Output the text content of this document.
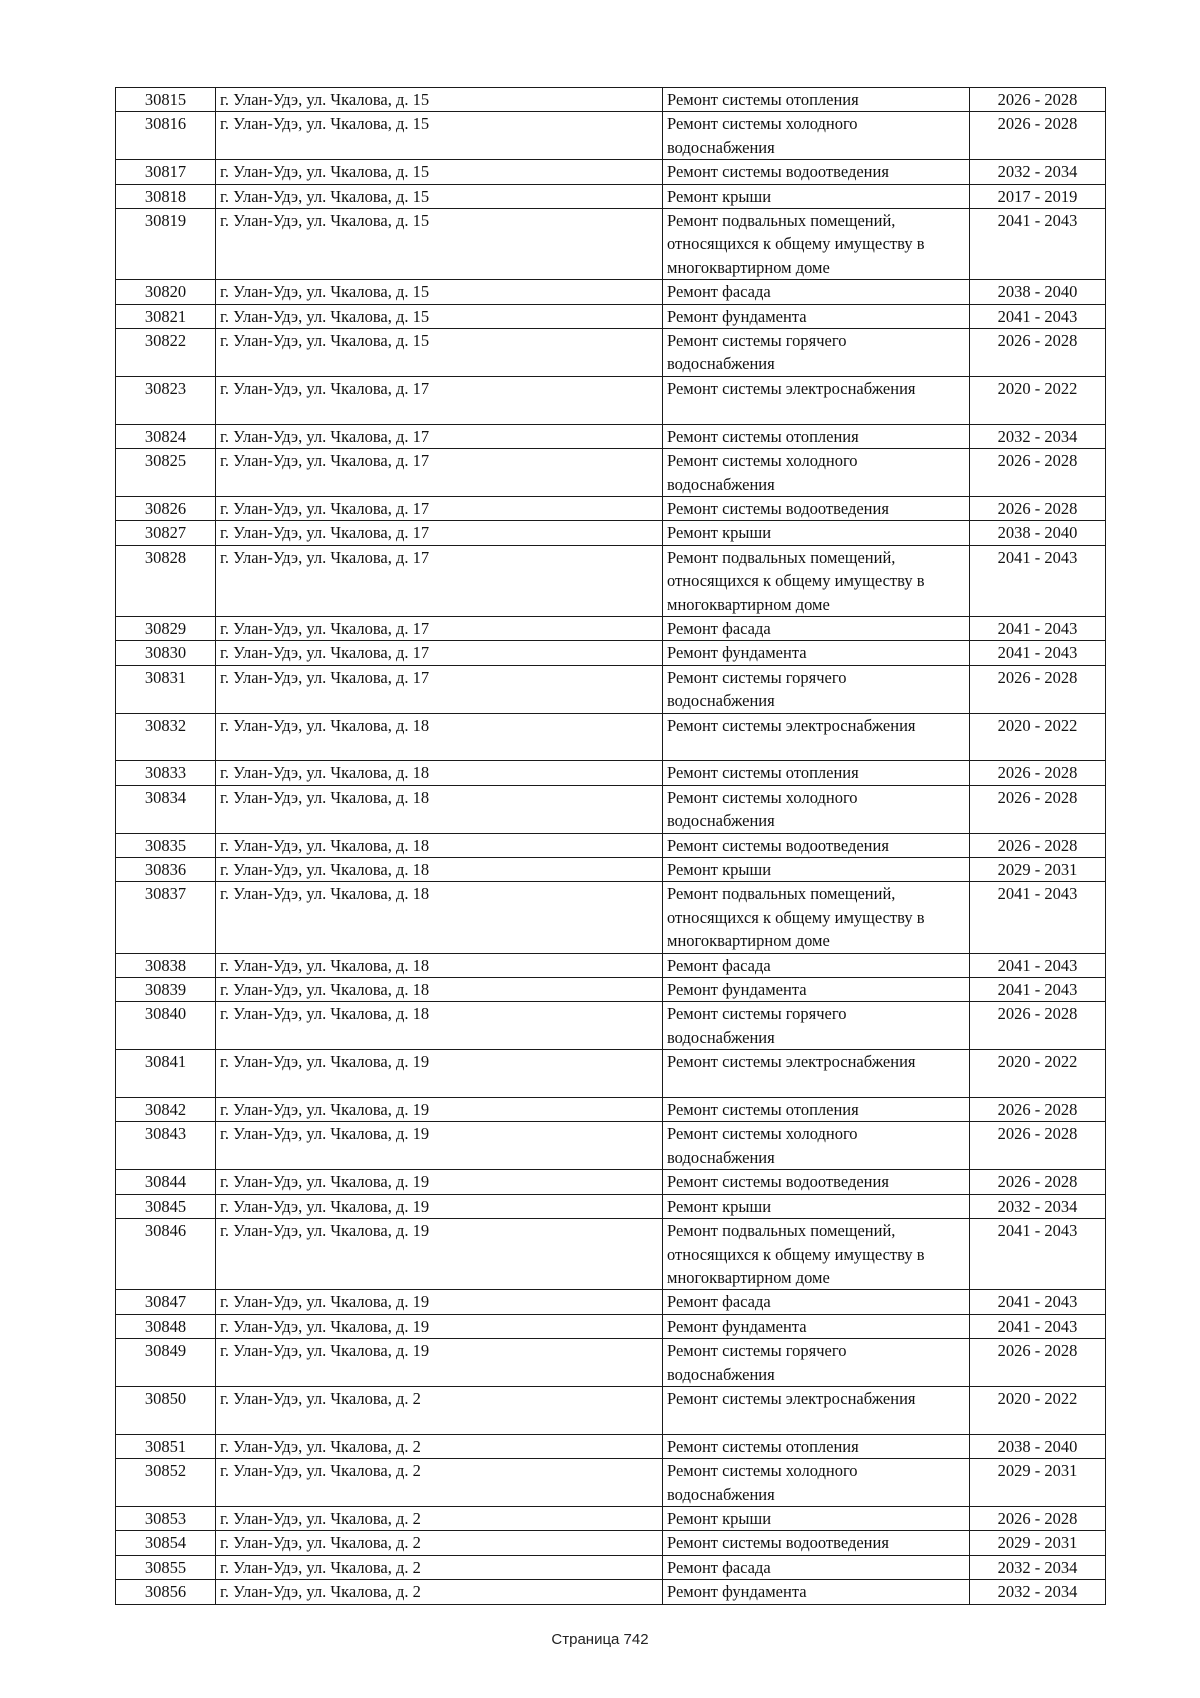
30815	г. Улан-Удэ, ул. Чкалова, д. 15	Ремонт системы отопления	2026 - 2028
30816	г. Улан-Удэ, ул. Чкалова, д. 15	Ремонт системы холодного
водоснабжения	2026 - 2028
30817	г. Улан-Удэ, ул. Чкалова, д. 15	Ремонт системы водоотведения	2032 - 2034
30818	г. Улан-Удэ, ул. Чкалова, д. 15	Ремонт крыши	2017 - 2019
30819	г. Улан-Удэ, ул. Чкалова, д. 15	Ремонт подвальных помещений,
относящихся к общему имуществу в
многоквартирном доме	2041 - 2043
30820	г. Улан-Удэ, ул. Чкалова, д. 15	Ремонт фасада	2038 - 2040
30821	г. Улан-Удэ, ул. Чкалова, д. 15	Ремонт фундамента	2041 - 2043
30822	г. Улан-Удэ, ул. Чкалова, д. 15	Ремонт системы горячего
водоснабжения	2026 - 2028
30823	г. Улан-Удэ, ул. Чкалова, д. 17	Ремонт системы электроснабжения	2020 - 2022
30824	г. Улан-Удэ, ул. Чкалова, д. 17	Ремонт системы отопления	2032 - 2034
30825	г. Улан-Удэ, ул. Чкалова, д. 17	Ремонт системы холодного
водоснабжения	2026 - 2028
30826	г. Улан-Удэ, ул. Чкалова, д. 17	Ремонт системы водоотведения	2026 - 2028
30827	г. Улан-Удэ, ул. Чкалова, д. 17	Ремонт крыши	2038 - 2040
30828	г. Улан-Удэ, ул. Чкалова, д. 17	Ремонт подвальных помещений,
относящихся к общему имуществу в
многоквартирном доме	2041 - 2043
30829	г. Улан-Удэ, ул. Чкалова, д. 17	Ремонт фасада	2041 - 2043
30830	г. Улан-Удэ, ул. Чкалова, д. 17	Ремонт фундамента	2041 - 2043
30831	г. Улан-Удэ, ул. Чкалова, д. 17	Ремонт системы горячего
водоснабжения	2026 - 2028
30832	г. Улан-Удэ, ул. Чкалова, д. 18	Ремонт системы электроснабжения	2020 - 2022
30833	г. Улан-Удэ, ул. Чкалова, д. 18	Ремонт системы отопления	2026 - 2028
30834	г. Улан-Удэ, ул. Чкалова, д. 18	Ремонт системы холодного
водоснабжения	2026 - 2028
30835	г. Улан-Удэ, ул. Чкалова, д. 18	Ремонт системы водоотведения	2026 - 2028
30836	г. Улан-Удэ, ул. Чкалова, д. 18	Ремонт крыши	2029 - 2031
30837	г. Улан-Удэ, ул. Чкалова, д. 18	Ремонт подвальных помещений,
относящихся к общему имуществу в
многоквартирном доме	2041 - 2043
30838	г. Улан-Удэ, ул. Чкалова, д. 18	Ремонт фасада	2041 - 2043
30839	г. Улан-Удэ, ул. Чкалова, д. 18	Ремонт фундамента	2041 - 2043
30840	г. Улан-Удэ, ул. Чкалова, д. 18	Ремонт системы горячего
водоснабжения	2026 - 2028
30841	г. Улан-Удэ, ул. Чкалова, д. 19	Ремонт системы электроснабжения	2020 - 2022
30842	г. Улан-Удэ, ул. Чкалова, д. 19	Ремонт системы отопления	2026 - 2028
30843	г. Улан-Удэ, ул. Чкалова, д. 19	Ремонт системы холодного
водоснабжения	2026 - 2028
30844	г. Улан-Удэ, ул. Чкалова, д. 19	Ремонт системы водоотведения	2026 - 2028
30845	г. Улан-Удэ, ул. Чкалова, д. 19	Ремонт крыши	2032 - 2034
30846	г. Улан-Удэ, ул. Чкалова, д. 19	Ремонт подвальных помещений,
относящихся к общему имуществу в
многоквартирном доме	2041 - 2043
30847	г. Улан-Удэ, ул. Чкалова, д. 19	Ремонт фасада	2041 - 2043
30848	г. Улан-Удэ, ул. Чкалова, д. 19	Ремонт фундамента	2041 - 2043
30849	г. Улан-Удэ, ул. Чкалова, д. 19	Ремонт системы горячего
водоснабжения	2026 - 2028
30850	г. Улан-Удэ, ул. Чкалова, д. 2	Ремонт системы электроснабжения	2020 - 2022
30851	г. Улан-Удэ, ул. Чкалова, д. 2	Ремонт системы отопления	2038 - 2040
30852	г. Улан-Удэ, ул. Чкалова, д. 2	Ремонт системы холодного
водоснабжения	2029 - 2031
30853	г. Улан-Удэ, ул. Чкалова, д. 2	Ремонт крыши	2026 - 2028
30854	г. Улан-Удэ, ул. Чкалова, д. 2	Ремонт системы водоотведения	2029 - 2031
30855	г. Улан-Удэ, ул. Чкалова, д. 2	Ремонт фасада	2032 - 2034
30856	г. Улан-Удэ, ул. Чкалова, д. 2	Ремонт фундамента	2032 - 2034
Страница 742
